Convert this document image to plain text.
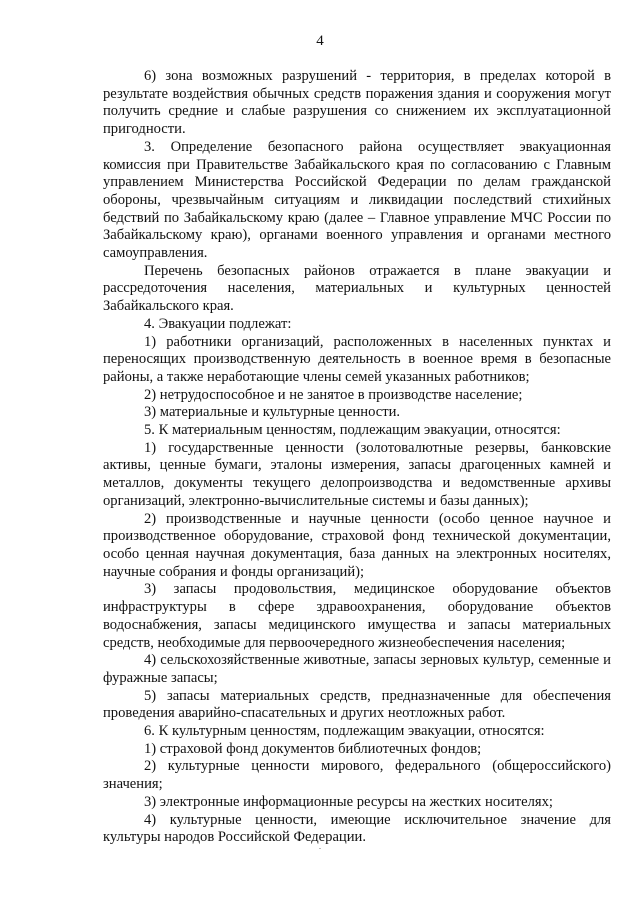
4

6) зона возможных разрушений - территория, в пределах которой в результате воздействия обычных средств поражения здания и сооружения могут получить средние и слабые разрушения со снижением их эксплуатационной пригодности.

3. Определение безопасного района осуществляет эвакуационная комиссия при Правительстве Забайкальского края по согласованию с Главным управлением Министерства Российской Федерации по делам гражданской обороны, чрезвычайным ситуациям и ликвидации последствий стихийных бедствий по Забайкальскому краю (далее – Главное управление МЧС России по Забайкальскому краю), органами военного управления и органами местного самоуправления.

Перечень безопасных районов отражается в плане эвакуации и рассредоточения населения, материальных и культурных ценностей Забайкальского края.

4. Эвакуации подлежат:

1) работники организаций, расположенных в населенных пунктах и переносящих производственную деятельность в военное время в безопасные районы, а также неработающие члены семей указанных работников;

2) нетрудоспособное и не занятое в производстве население;

3) материальные и культурные ценности.

5. К материальным ценностям, подлежащим эвакуации, относятся:

1) государственные ценности (золотовалютные резервы, банковские активы, ценные бумаги, эталоны измерения, запасы драгоценных камней и металлов, документы текущего делопроизводства и ведомственные архивы организаций, электронно-вычислительные системы и базы данных);

2) производственные и научные ценности (особо ценное научное и производственное оборудование, страховой фонд технической документации, особо ценная научная документация, база данных на электронных носителях, научные собрания и фонды организаций);

3) запасы продовольствия, медицинское оборудование объектов инфраструктуры в сфере здравоохранения, оборудование объектов водоснабжения, запасы медицинского имущества и запасы материальных средств, необходимые для первоочередного жизнеобеспечения населения;

4) сельскохозяйственные животные, запасы зерновых культур, семенные и фуражные запасы;

5) запасы материальных средств, предназначенные для обеспечения проведения аварийно-спасательных и других неотложных работ.

6. К культурным ценностям, подлежащим эвакуации, относятся:

1) страховой фонд документов библиотечных фондов;

2) культурные ценности мирового, федерального (общероссийского) значения;

3) электронные информационные ресурсы на жестких носителях;

4) культурные ценности, имеющие исключительное значение для культуры народов Российской Федерации.
